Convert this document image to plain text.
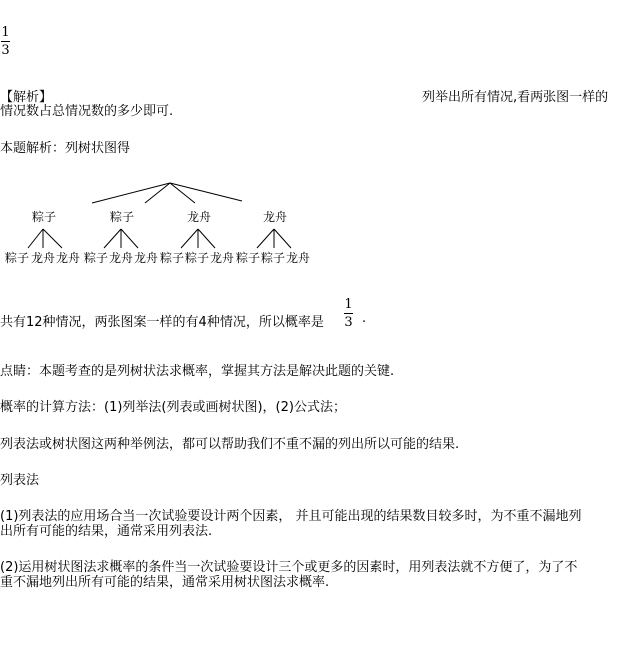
1
3
【解析】	列举出所有情况,看两张图一样的
情况数占总情况数的多少即可.
本题解析：列树状图得
粽子	粽子	龙舟	龙舟
粽子 龙舟 龙舟 粽子 龙舟 龙舟 粽子 粽子 龙舟 粽子 粽子 龙舟
共有12种情况，两张图案一样的有4种情况，所以概率是
1
3 .
点睛：本题考查的是列树状法求概率，掌握其方法是解决此题的关键.
概率的计算方法：(1)列举法(列表或画树状图)，(2)公式法；
列表法或树状图这两种举例法，都可以帮助我们不重不漏的列出所以可能的结果.
列表法
(1)列表法的应用场合当一次试验要设计两个因素， 并且可能出现的结果数目较多时，为不重不漏地列
出所有可能的结果，通常采用列表法.
(2)运用树状图法求概率的条件当一次试验要设计三个或更多的因素时，用列表法就不方便了，为了不
重不漏地列出所有可能的结果，通常采用树状图法求概率.
